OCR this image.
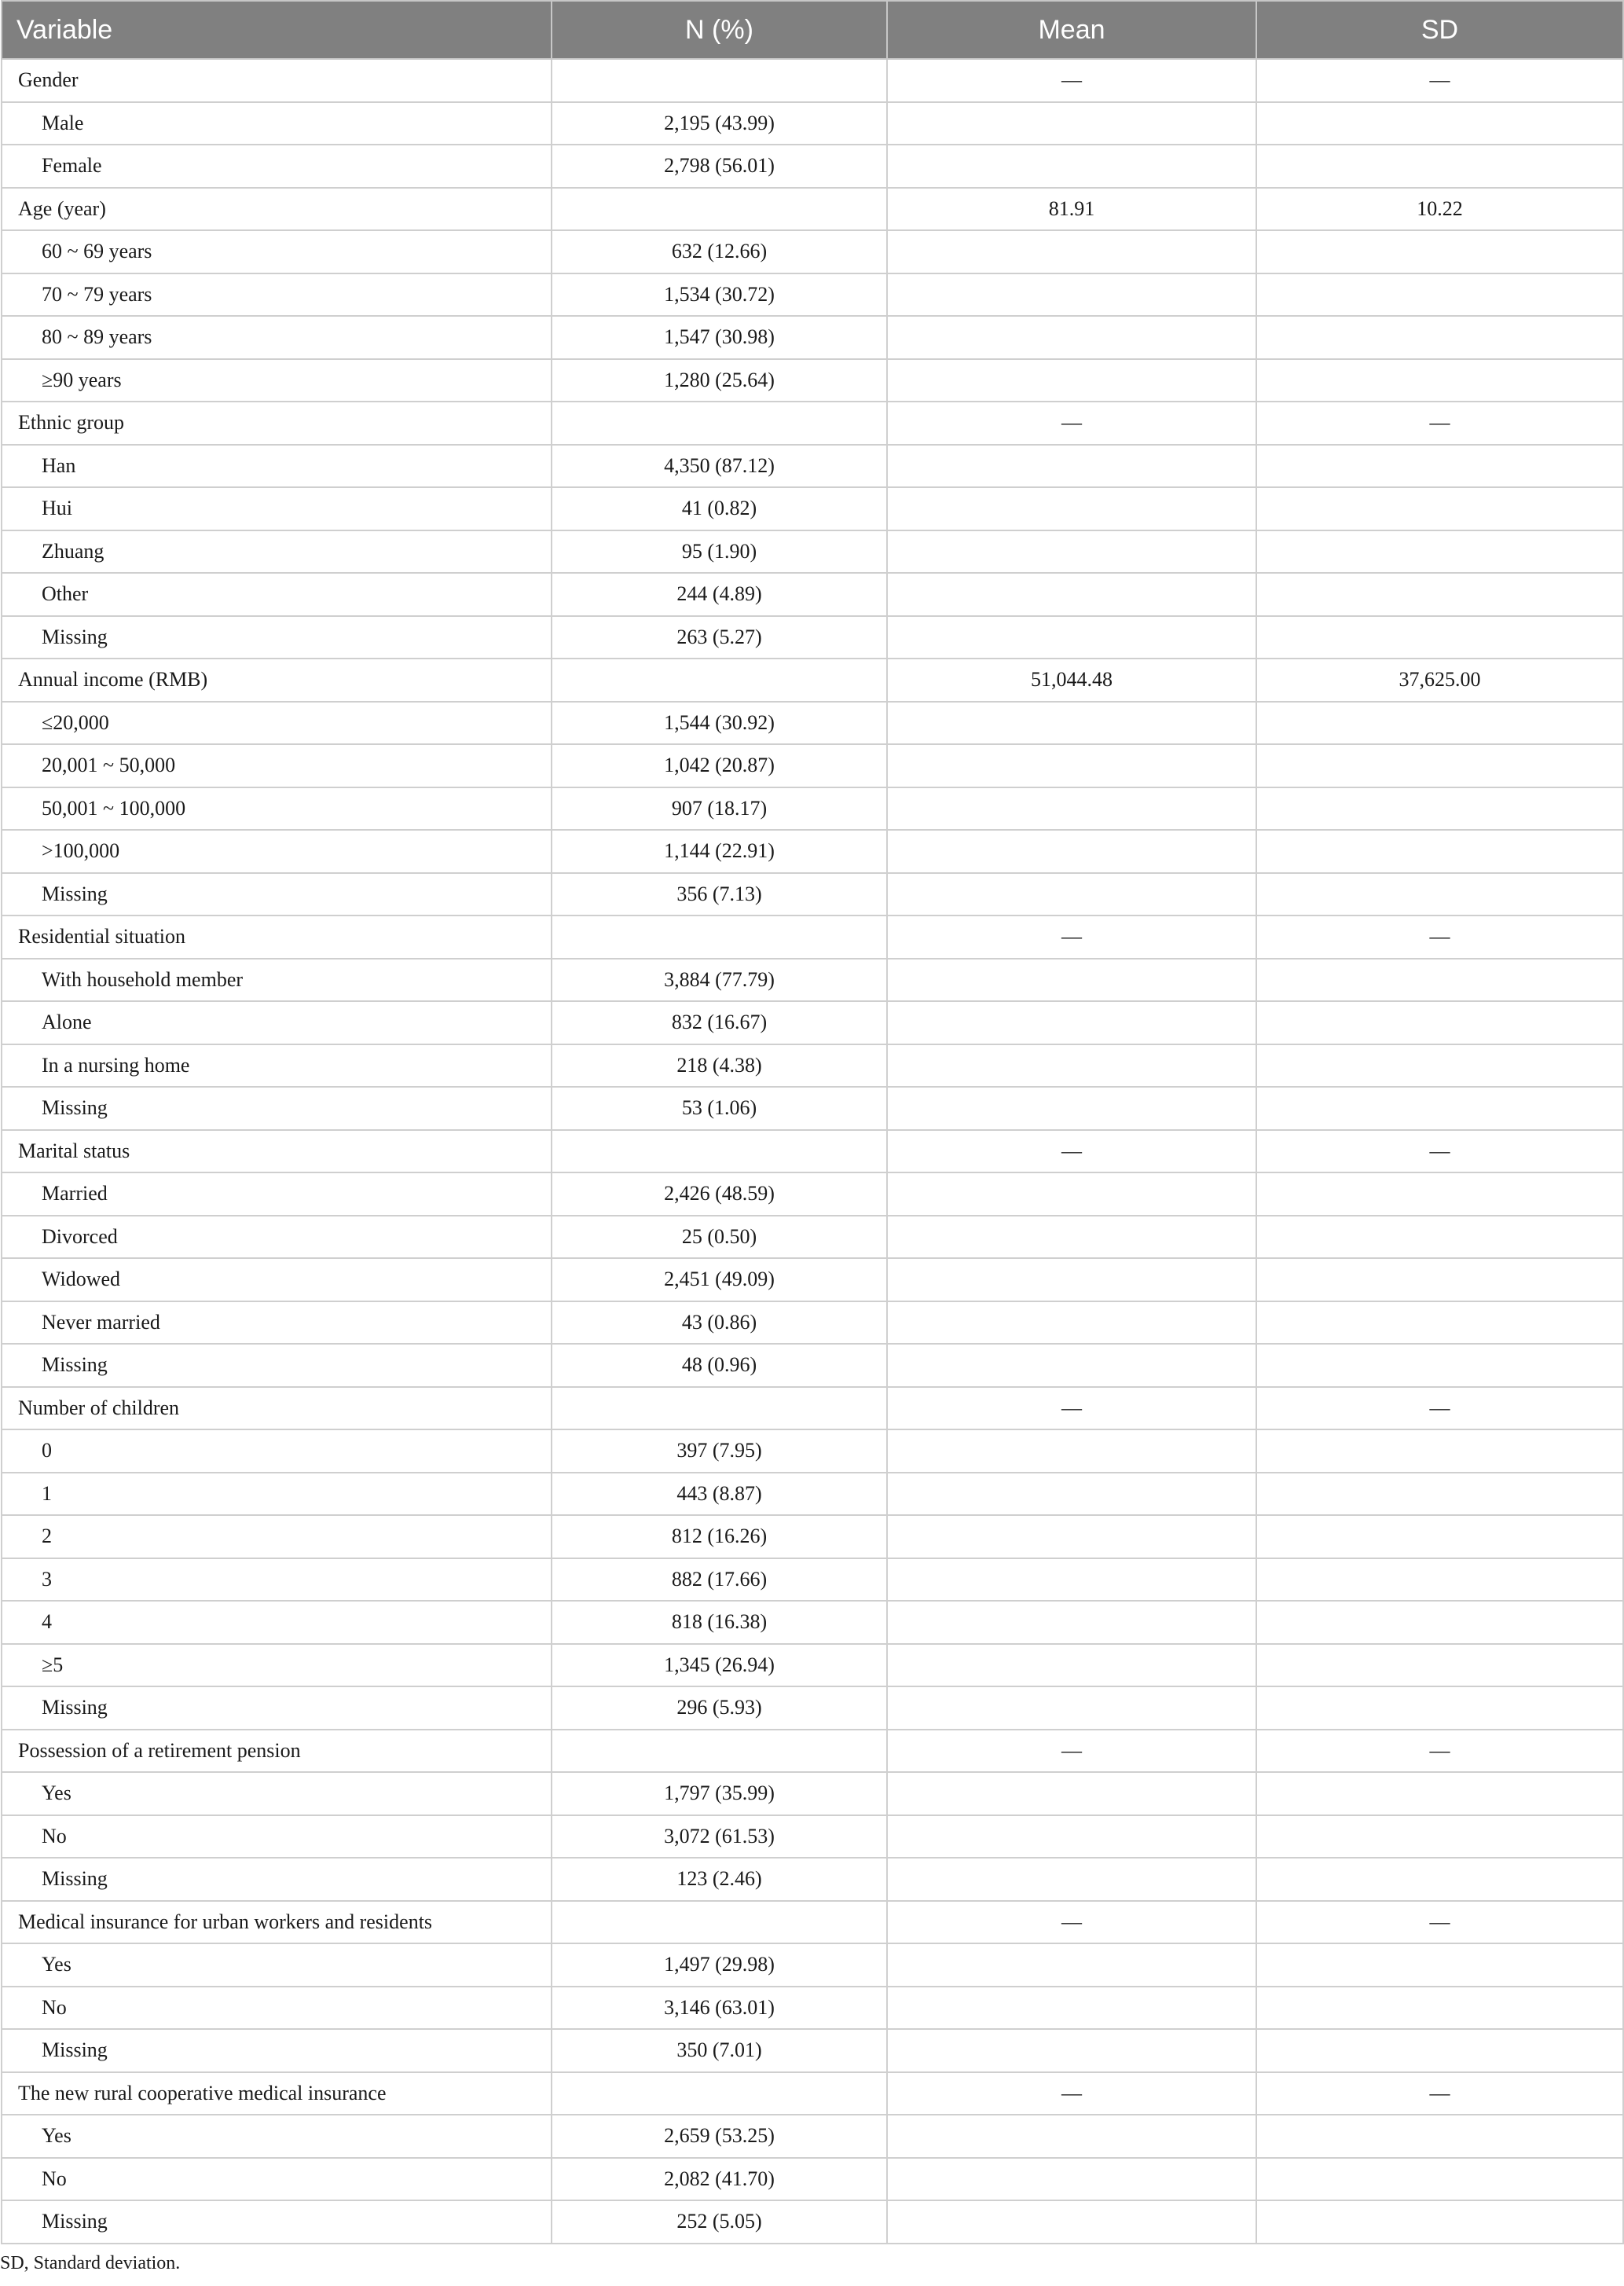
Variable	N (%)	Mean	SD
Gender		—	—
Male	2,195 (43.99)		
Female	2,798 (56.01)		
Age (year)		81.91	10.22
60 ~ 69 years	632 (12.66)		
70 ~ 79 years	1,534 (30.72)		
80 ~ 89 years	1,547 (30.98)		
≥90 years	1,280 (25.64)		
Ethnic group		—	—
Han	4,350 (87.12)		
Hui	41 (0.82)		
Zhuang	95 (1.90)		
Other	244 (4.89)		
Missing	263 (5.27)		
Annual income (RMB)		51,044.48	37,625.00
≤20,000	1,544 (30.92)		
20,001 ~ 50,000	1,042 (20.87)		
50,001 ~ 100,000	907 (18.17)		
>100,000	1,144 (22.91)		
Missing	356 (7.13)		
Residential situation		—	—
With household member	3,884 (77.79)		
Alone	832 (16.67)		
In a nursing home	218 (4.38)		
Missing	53 (1.06)		
Marital status		—	—
Married	2,426 (48.59)		
Divorced	25 (0.50)		
Widowed	2,451 (49.09)		
Never married	43 (0.86)		
Missing	48 (0.96)		
Number of children		—	—
0	397 (7.95)		
1	443 (8.87)		
2	812 (16.26)		
3	882 (17.66)		
4	818 (16.38)		
≥5	1,345 (26.94)		
Missing	296 (5.93)		
Possession of a retirement pension		—	—
Yes	1,797 (35.99)		
No	3,072 (61.53)		
Missing	123 (2.46)		
Medical insurance for urban workers and residents		—	—
Yes	1,497 (29.98)		
No	3,146 (63.01)		
Missing	350 (7.01)		
The new rural cooperative medical insurance		—	—
Yes	2,659 (53.25)		
No	2,082 (41.70)		
Missing	252 (5.05)		

SD, Standard deviation.
